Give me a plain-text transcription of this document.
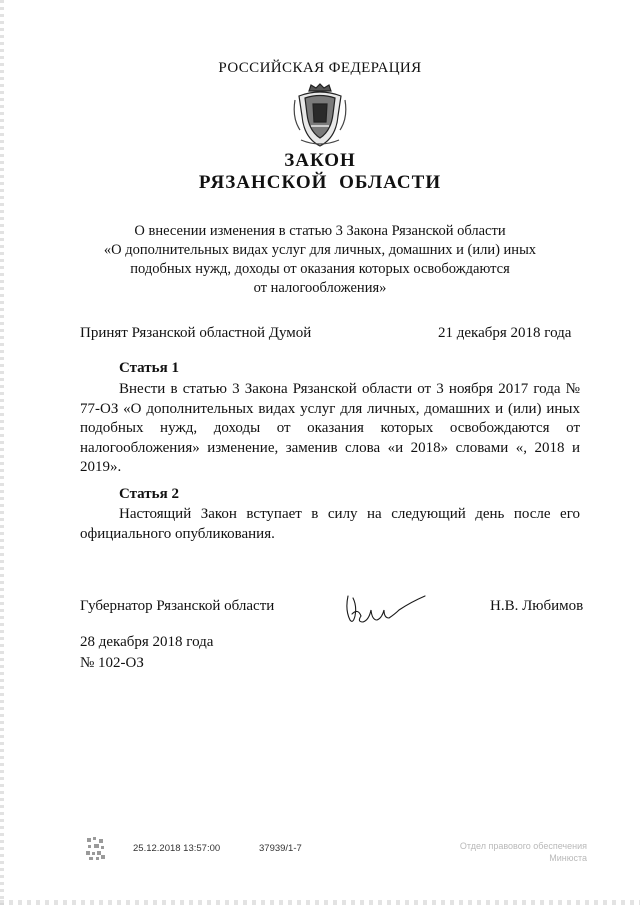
РОССИЙСКАЯ ФЕДЕРАЦИЯ
ЗАКОН
РЯЗАНСКОЙ ОБЛАСТИ
О внесении изменения в статью 3 Закона Рязанской области
«О дополнительных видах услуг для личных, домашних и (или) иных
подобных нужд, доходы от оказания которых освобождаются
от налогообложения»
Принят Рязанской областной Думой	21 декабря 2018 года
Статья 1
Внести в статью 3 Закона Рязанской области от 3 ноября 2017 года № 77-ОЗ «О дополнительных видах услуг для личных, домашних и (или) иных подобных нужд, доходы от оказания которых освобождаются от налогообложения» изменение, заменив слова «и 2018» словами «, 2018 и 2019».
Статья 2
Настоящий Закон вступает в силу на следующий день после его официального опубликования.
Губернатор Рязанской области	Н.В. Любимов
28 декабря 2018 года
№ 102-ОЗ
25.12.2018 13:57:00	37939/1-7	Отдел правового обеспечения
Минюста
